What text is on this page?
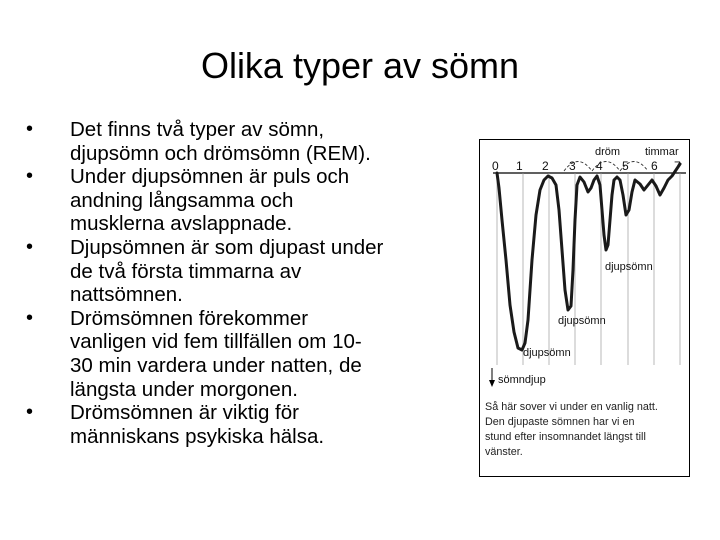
Olika typer av sömn
•	Det finns två typer av sömn,
djupsömn och drömsömn (REM).
•	Under djupsömnen är puls och
andning långsamma och
musklerna avslappnade.
•	Djupsömnen är som djupast under
de två första timmarna av
nattsömnen.
•	Drömsömnen förekommer
vanligen vid fem tillfällen om 10-
30 min vardera under natten, de
längsta under morgonen.
•	Drömsömnen är viktig för
människans psykiska hälsa.
0 1 2 3 4 5 6 7
dröm timmar
djupsömn
djupsömn
djupsömn
sömndjup
Så här sover vi under en vanlig natt.
Den djupaste sömnen har vi en
stund efter insomnandet längst till
vänster.
